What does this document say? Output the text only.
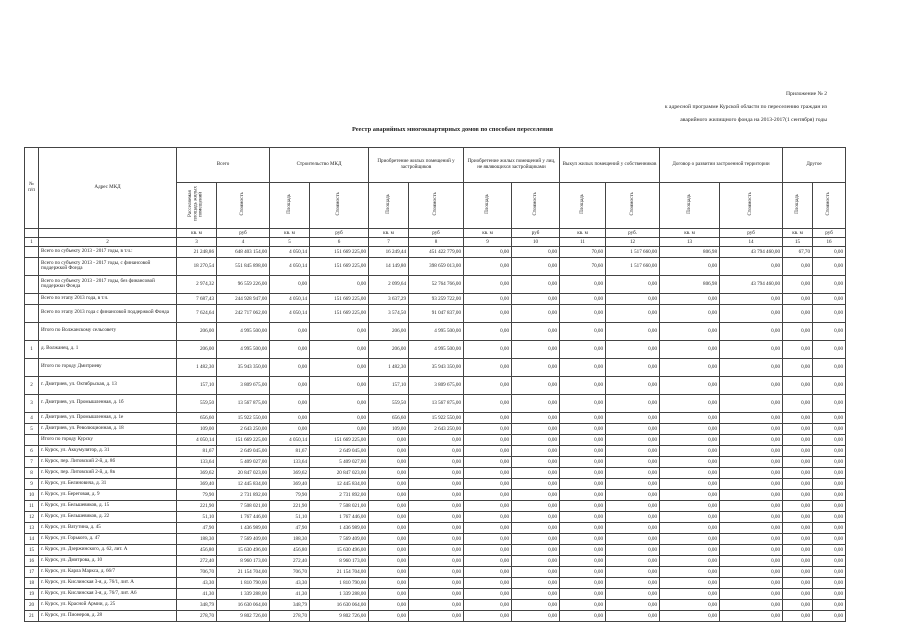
Приложение № 2
к адресной программе Курской области по переселению граждан из
аварийного жилищного фонда на 2013-2017(1 сентября) годы
Реестр аварийных многоквартирных домов по способам переселения
№ п/п	Адрес МКД	Всего		Строительство МКД		Приобретение жилых помещений у застройщиков		Приобретение жилых помещений у лиц, не являющихся застройщиками		Выкуп жилых помещений у собственников		Договор о развитии застроенной территории		Другое	
		Расселяемая площадь жилых помещений	Стоимость	Площадь	Стоимость	Площадь	Стоимость	Площадь	Стоимость	Площадь	Стоимость	Площадь	Стоимость	Площадь	Стоимость
		кв. м	руб	кв. м	руб	кв. м	руб	кв. м	руб	кв. м	руб.	кв. м	руб	кв. м	руб
1	2	3	4	5	6	7	8	9	10	11	12	13	14	15	16
	Всего по субъекту 2013 - 2017 годы, в т.ч.:	21 248,86	648 403 154,00	4 050,14	151 669 225,00	16 249,44	451 422 779,00	0,00	0,00	70,60	1 517 660,00	806,98	43 794 460,00	67,70	0,00
	Всего по субъекту 2013 - 2017 годы, с финансовой поддержкой Фонда	18 270,54	551 845 898,00	4 050,14	151 669 225,00	14 149,80	398 659 013,00	0,00	0,00	70,60	1 517 660,00	0,00	0,00	0,00	0,00
	Всего по субъекту 2013 - 2017 годы, без финансовой поддержки Фонда	2 974,32	96 559 226,00	0,00	0,00	2 099,64	52 764 766,00	0,00	0,00	0,00	0,00	806,98	43 794 460,00	0,00	0,00
	Всего по этапу 2013 года, в т.ч.	7 687,43	244 928 947,00	4 050,14	151 669 225,00	3 637,29	93 259 722,00	0,00	0,00	0,00	0,00	0,00	0,00	0,00	0,00
	Всего по этапу 2013 года с финансовой поддержкой Фонда	7 624,64	242 717 062,00	4 050,14	151 669 225,00	3 574,50	91 047 837,00	0,00	0,00	0,00	0,00	0,00	0,00	0,00	0,00
	Итого по Волжанскому сельсовету	206,00	4 995 500,00	0,00	0,00	206,00	4 995 500,00	0,00	0,00	0,00	0,00	0,00	0,00	0,00	0,00
1	д. Волжанец, д. 1	206,00	4 995 500,00	0,00	0,00	206,00	4 995 500,00	0,00	0,00	0,00	0,00	0,00	0,00	0,00	0,00
	Итого по городу Дмитриеву	1 482,30	35 943 350,00	0,00	0,00	1 482,30	35 943 350,00	0,00	0,00	0,00	0,00	0,00	0,00	0,00	0,00
2	г. Дмитриев, ул. Октябрьская, д. 13	157,10	3 809 675,00	0,00	0,00	157,10	3 809 675,00	0,00	0,00	0,00	0,00	0,00	0,00	0,00	0,00
3	г. Дмитриев, ул. Промышленная, д. 1б	559,50	13 567 875,00	0,00	0,00	559,50	13 567 875,00	0,00	0,00	0,00	0,00	0,00	0,00	0,00	0,00
4	г. Дмитриев, ул. Промышленная, д. 1е	656,60	15 922 550,00	0,00	0,00	656,60	15 922 550,00	0,00	0,00	0,00	0,00	0,00	0,00	0,00	0,00
5	г. Дмитриев, ул. Революционная, д. 18	109,00	2 643 250,00	0,00	0,00	109,00	2 643 250,00	0,00	0,00	0,00	0,00	0,00	0,00	0,00	0,00
	Итого по городу Курску	4 050,14	151 669 225,00	4 050,14	151 669 225,00	0,00	0,00	0,00	0,00	0,00	0,00	0,00	0,00	0,00	0,00
6	г. Курск, ул. Аккумулятор, д. 31	81,67	2 649 045,00	81,67	2 649 045,00	0,00	0,00	0,00	0,00	0,00	0,00	0,00	0,00	0,00	0,00
7	г. Курск, пер. Литовский 2-й, д. 8б	133,64	5 409 027,00	133,64	5 409 027,00	0,00	0,00	0,00	0,00	0,00	0,00	0,00	0,00	0,00	0,00
8	г. Курск, пер. Литовский 2-й, д. 8в	369,62	20 847 023,00	369,62	20 847 023,00	0,00	0,00	0,00	0,00	0,00	0,00	0,00	0,00	0,00	0,00
9	г. Курск, ул. Белиновича, д. 31	369,40	12 445 834,00	369,40	12 445 834,00	0,00	0,00	0,00	0,00	0,00	0,00	0,00	0,00	0,00	0,00
10	г. Курск, ул. Береговая, д. 9	79,90	2 731 892,00	79,90	2 731 892,00	0,00	0,00	0,00	0,00	0,00	0,00	0,00	0,00	0,00	0,00
11	г. Курск, ул. Бельшевиков, д. 15	221,90	7 508 021,00	221,90	7 508 021,00	0,00	0,00	0,00	0,00	0,00	0,00	0,00	0,00	0,00	0,00
12	г. Курск, ул. Бельшевиков, д. 22	51,10	1 767 446,00	51,10	1 767 446,00	0,00	0,00	0,00	0,00	0,00	0,00	0,00	0,00	0,00	0,00
13	г. Курск, ул. Ватутина, д. 45	47,90	1 436 989,00	47,90	1 436 989,00	0,00	0,00	0,00	0,00	0,00	0,00	0,00	0,00	0,00	0,00
14	г. Курск, ул. Горького, д. 47	188,30	7 569 409,00	188,30	7 569 409,00	0,00	0,00	0,00	0,00	0,00	0,00	0,00	0,00	0,00	0,00
15	г. Курск, ул. Дзержинского, д. 62, лит. А	456,80	15 630 496,00	456,80	15 630 496,00	0,00	0,00	0,00	0,00	0,00	0,00	0,00	0,00	0,00	0,00
16	г. Курск, ул. Дмитрова, д. 10	272,40	8 960 173,00	272,40	8 960 173,00	0,00	0,00	0,00	0,00	0,00	0,00	0,00	0,00	0,00	0,00
17	г. Курск, ул. Карла Маркса, д. 66/7	706,70	21 154 704,00	706,70	21 154 704,00	0,00	0,00	0,00	0,00	0,00	0,00	0,00	0,00	0,00	0,00
18	г. Курск, ул. Кислинская 3-я, д. 76/1, лит. А	43,30	1 810 790,00	43,30	1 810 790,00	0,00	0,00	0,00	0,00	0,00	0,00	0,00	0,00	0,00	0,00
19	г. Курск, ул. Кислинская 3-я, д. 76/7, лит. А6	41,30	1 339 288,00	41,30	1 339 288,00	0,00	0,00	0,00	0,00	0,00	0,00	0,00	0,00	0,00	0,00
20	г. Курск, ул. Красной Армии, д. 25	348,79	16 630 064,00	348,79	16 630 064,00	0,00	0,00	0,00	0,00	0,00	0,00	0,00	0,00	0,00	0,00
21	г. Курск, ул. Пионеров, д. 28	278,70	9 802 726,00	278,70	9 802 726,00	0,00	0,00	0,00	0,00	0,00	0,00	0,00	0,00	0,00	0,00
